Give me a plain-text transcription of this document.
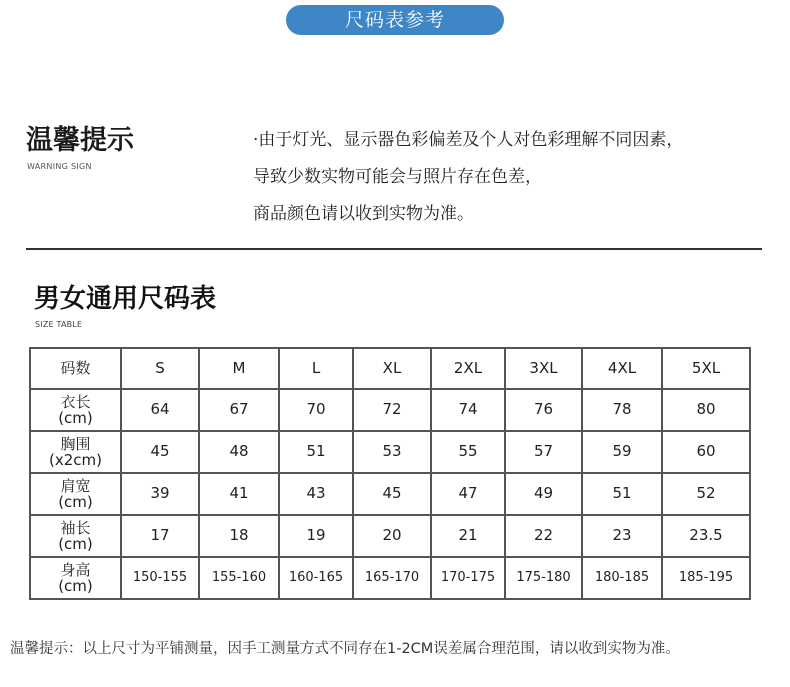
尺码表参考
温馨提示
WARNING SIGN
·由于灯光、显示器色彩偏差及个人对色彩理解不同因素，
导致少数实物可能会与照片存在色差，
商品颜色请以收到实物为准。
男女通用尺码表
SIZE TABLE
码数	S	M	L	XL	2XL	3XL	4XL	5XL
衣长
(cm)	64	67	70	72	74	76	78	80
胸围
(x2cm)	45	48	51	53	55	57	59	60
肩宽
(cm)	39	41	43	45	47	49	51	52
袖长
(cm)	17	18	19	20	21	22	23	23.5
身高
(cm)	150-155	155-160	160-165	165-170	170-175	175-180	180-185	185-195
温馨提示：以上尺寸为平铺测量，因手工测量方式不同存在1-2CM误差属合理范围，请以收到实物为准。
